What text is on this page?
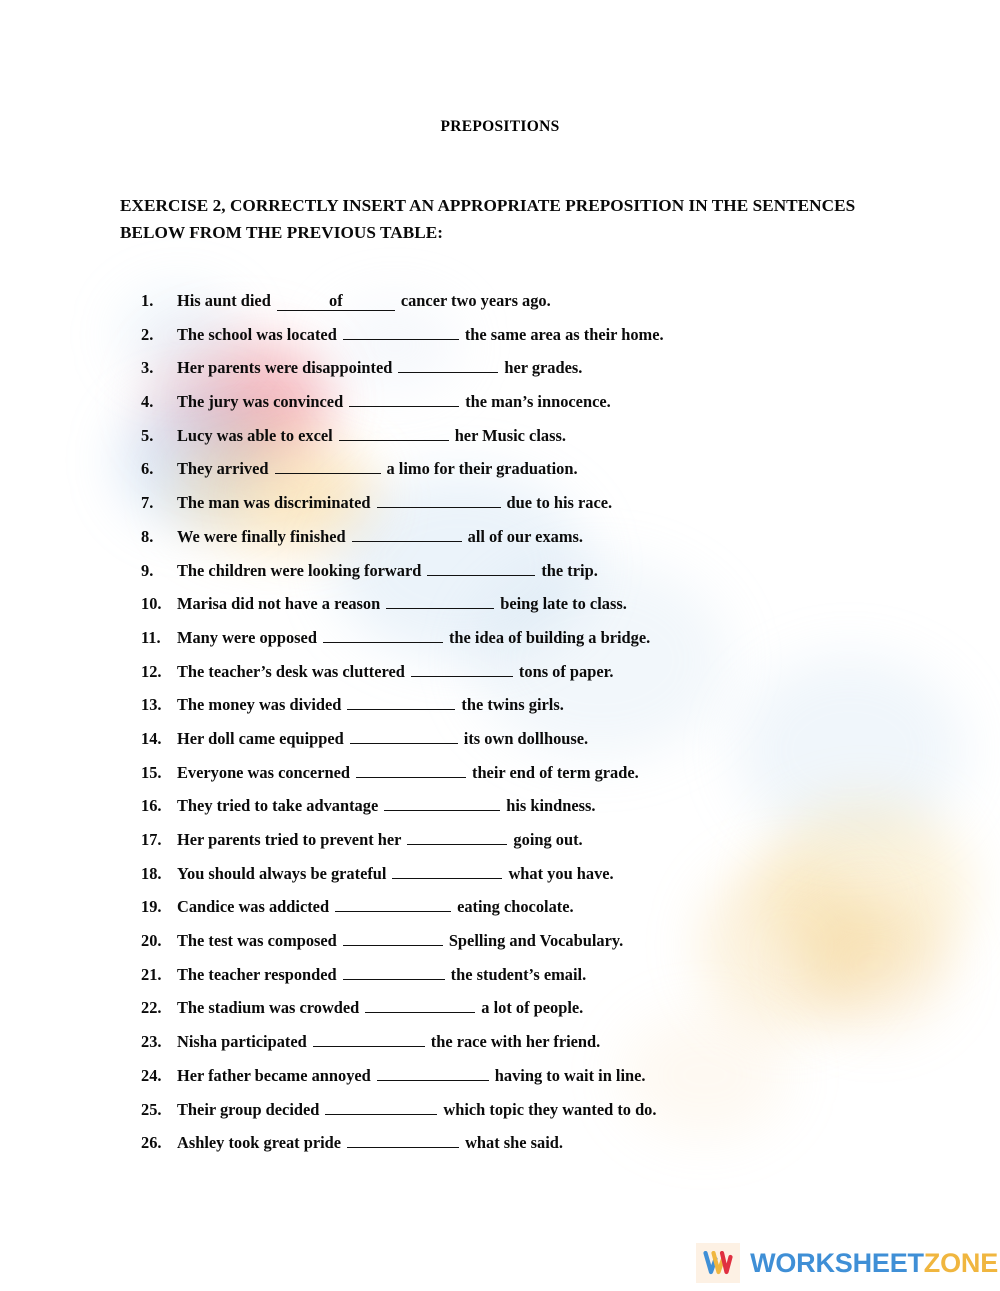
PREPOSITIONS
EXERCISE 2, CORRECTLY INSERT AN APPROPRIATE PREPOSITION IN THE SENTENCES BELOW FROM THE PREVIOUS TABLE:
1.	His aunt died	of	cancer two years ago.
2.	The school was located	the same area as their home.
3.	Her parents were disappointed	her grades.
4.	The jury was convinced	the man’s innocence.
5.	Lucy was able to excel	her Music class.
6.	They arrived	a limo for their graduation.
7.	The man was discriminated	due to his race.
8.	We were finally finished	all of our exams.
9.	The children were looking forward	the trip.
10. Marisa did not have a reason	being late to class.
11.	Many were opposed	the idea of building a bridge.
12. The teacher’s desk was cluttered	tons of paper.
13. The money was divided	the twins girls.
14. Her doll came equipped	its own dollhouse.
15. Everyone was concerned	their end of term grade.
16. They tried to take advantage	his kindness.
17. Her parents tried to prevent her	going out.
18. You should always be grateful	what you have.
19. Candice was addicted	eating chocolate.
20. The test was composed	Spelling and Vocabulary.
21. The teacher responded	the student’s email.
22. The stadium was crowded	a lot of people.
23. Nisha participated	the race with her friend.
24. Her father became annoyed	having to wait in line.
25. Their group decided	which topic they wanted to do.
26. Ashley took great pride	what she said.
WORKSHEETZONE
